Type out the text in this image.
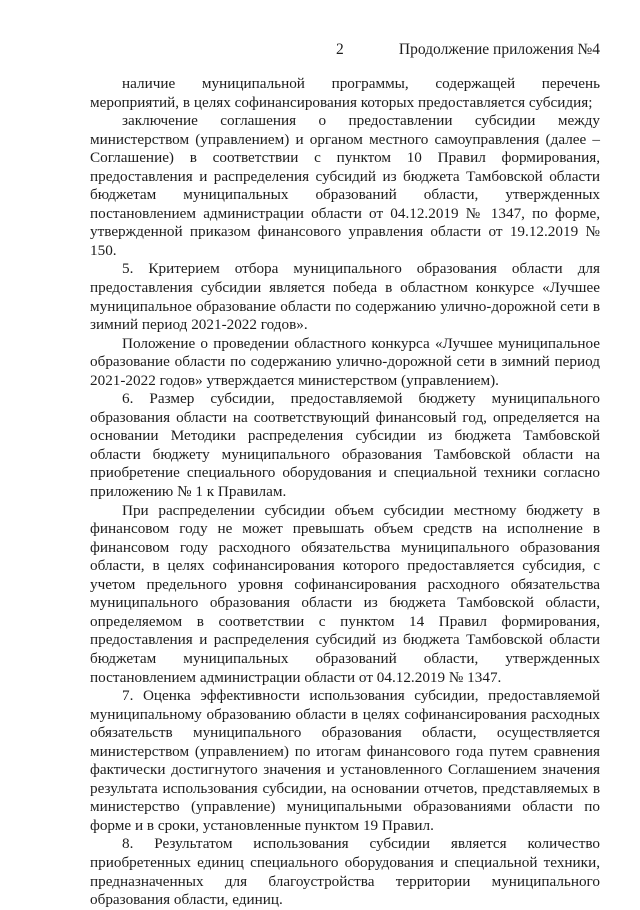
2	Продолжение приложения №4

наличие муниципальной программы, содержащей перечень мероприятий, в целях софинансирования которых предоставляется субсидия;

заключение соглашения о предоставлении субсидии между министерством (управлением) и органом местного самоуправления (далее – Соглашение) в соответствии с пунктом 10 Правил формирования, предоставления и распределения субсидий из бюджета Тамбовской области бюджетам муниципальных образований области, утвержденных постановлением администрации области от 04.12.2019 № 1347, по форме, утвержденной приказом финансового управления области от 19.12.2019 № 150.

5. Критерием отбора муниципального образования области для предоставления субсидии является победа в областном конкурсе «Лучшее муниципальное образование области по содержанию улично-дорожной сети в зимний период 2021-2022 годов».

Положение о проведении областного конкурса «Лучшее муниципальное образование области по содержанию улично-дорожной сети в зимний период 2021-2022 годов» утверждается министерством (управлением).

6. Размер субсидии, предоставляемой бюджету муниципального образования области на соответствующий финансовый год, определяется на основании Методики распределения субсидии из бюджета Тамбовской области бюджету муниципального образования Тамбовской области на приобретение специального оборудования и специальной техники согласно приложению № 1 к Правилам.

При распределении субсидии объем субсидии местному бюджету в финансовом году не может превышать объем средств на исполнение в финансовом году расходного обязательства муниципального образования области, в целях софинансирования которого предоставляется субсидия, с учетом предельного уровня софинансирования расходного обязательства муниципального образования области из бюджета Тамбовской области, определяемом в соответствии с пунктом 14 Правил формирования, предоставления и распределения субсидий из бюджета Тамбовской области бюджетам муниципальных образований области, утвержденных постановлением администрации области от 04.12.2019 № 1347.

7. Оценка эффективности использования субсидии, предоставляемой муниципальному образованию области в целях софинансирования расходных обязательств муниципального образования области, осуществляется министерством (управлением) по итогам финансового года путем сравнения фактически достигнутого значения и установленного Соглашением значения результата использования субсидии, на основании отчетов, представляемых в министерство (управление) муниципальными образованиями области по форме и в сроки, установленные пунктом 19 Правил.

8. Результатом использования субсидии является количество приобретенных единиц специального оборудования и специальной техники, предназначенных для благоустройства территории муниципального образования области, единиц.
